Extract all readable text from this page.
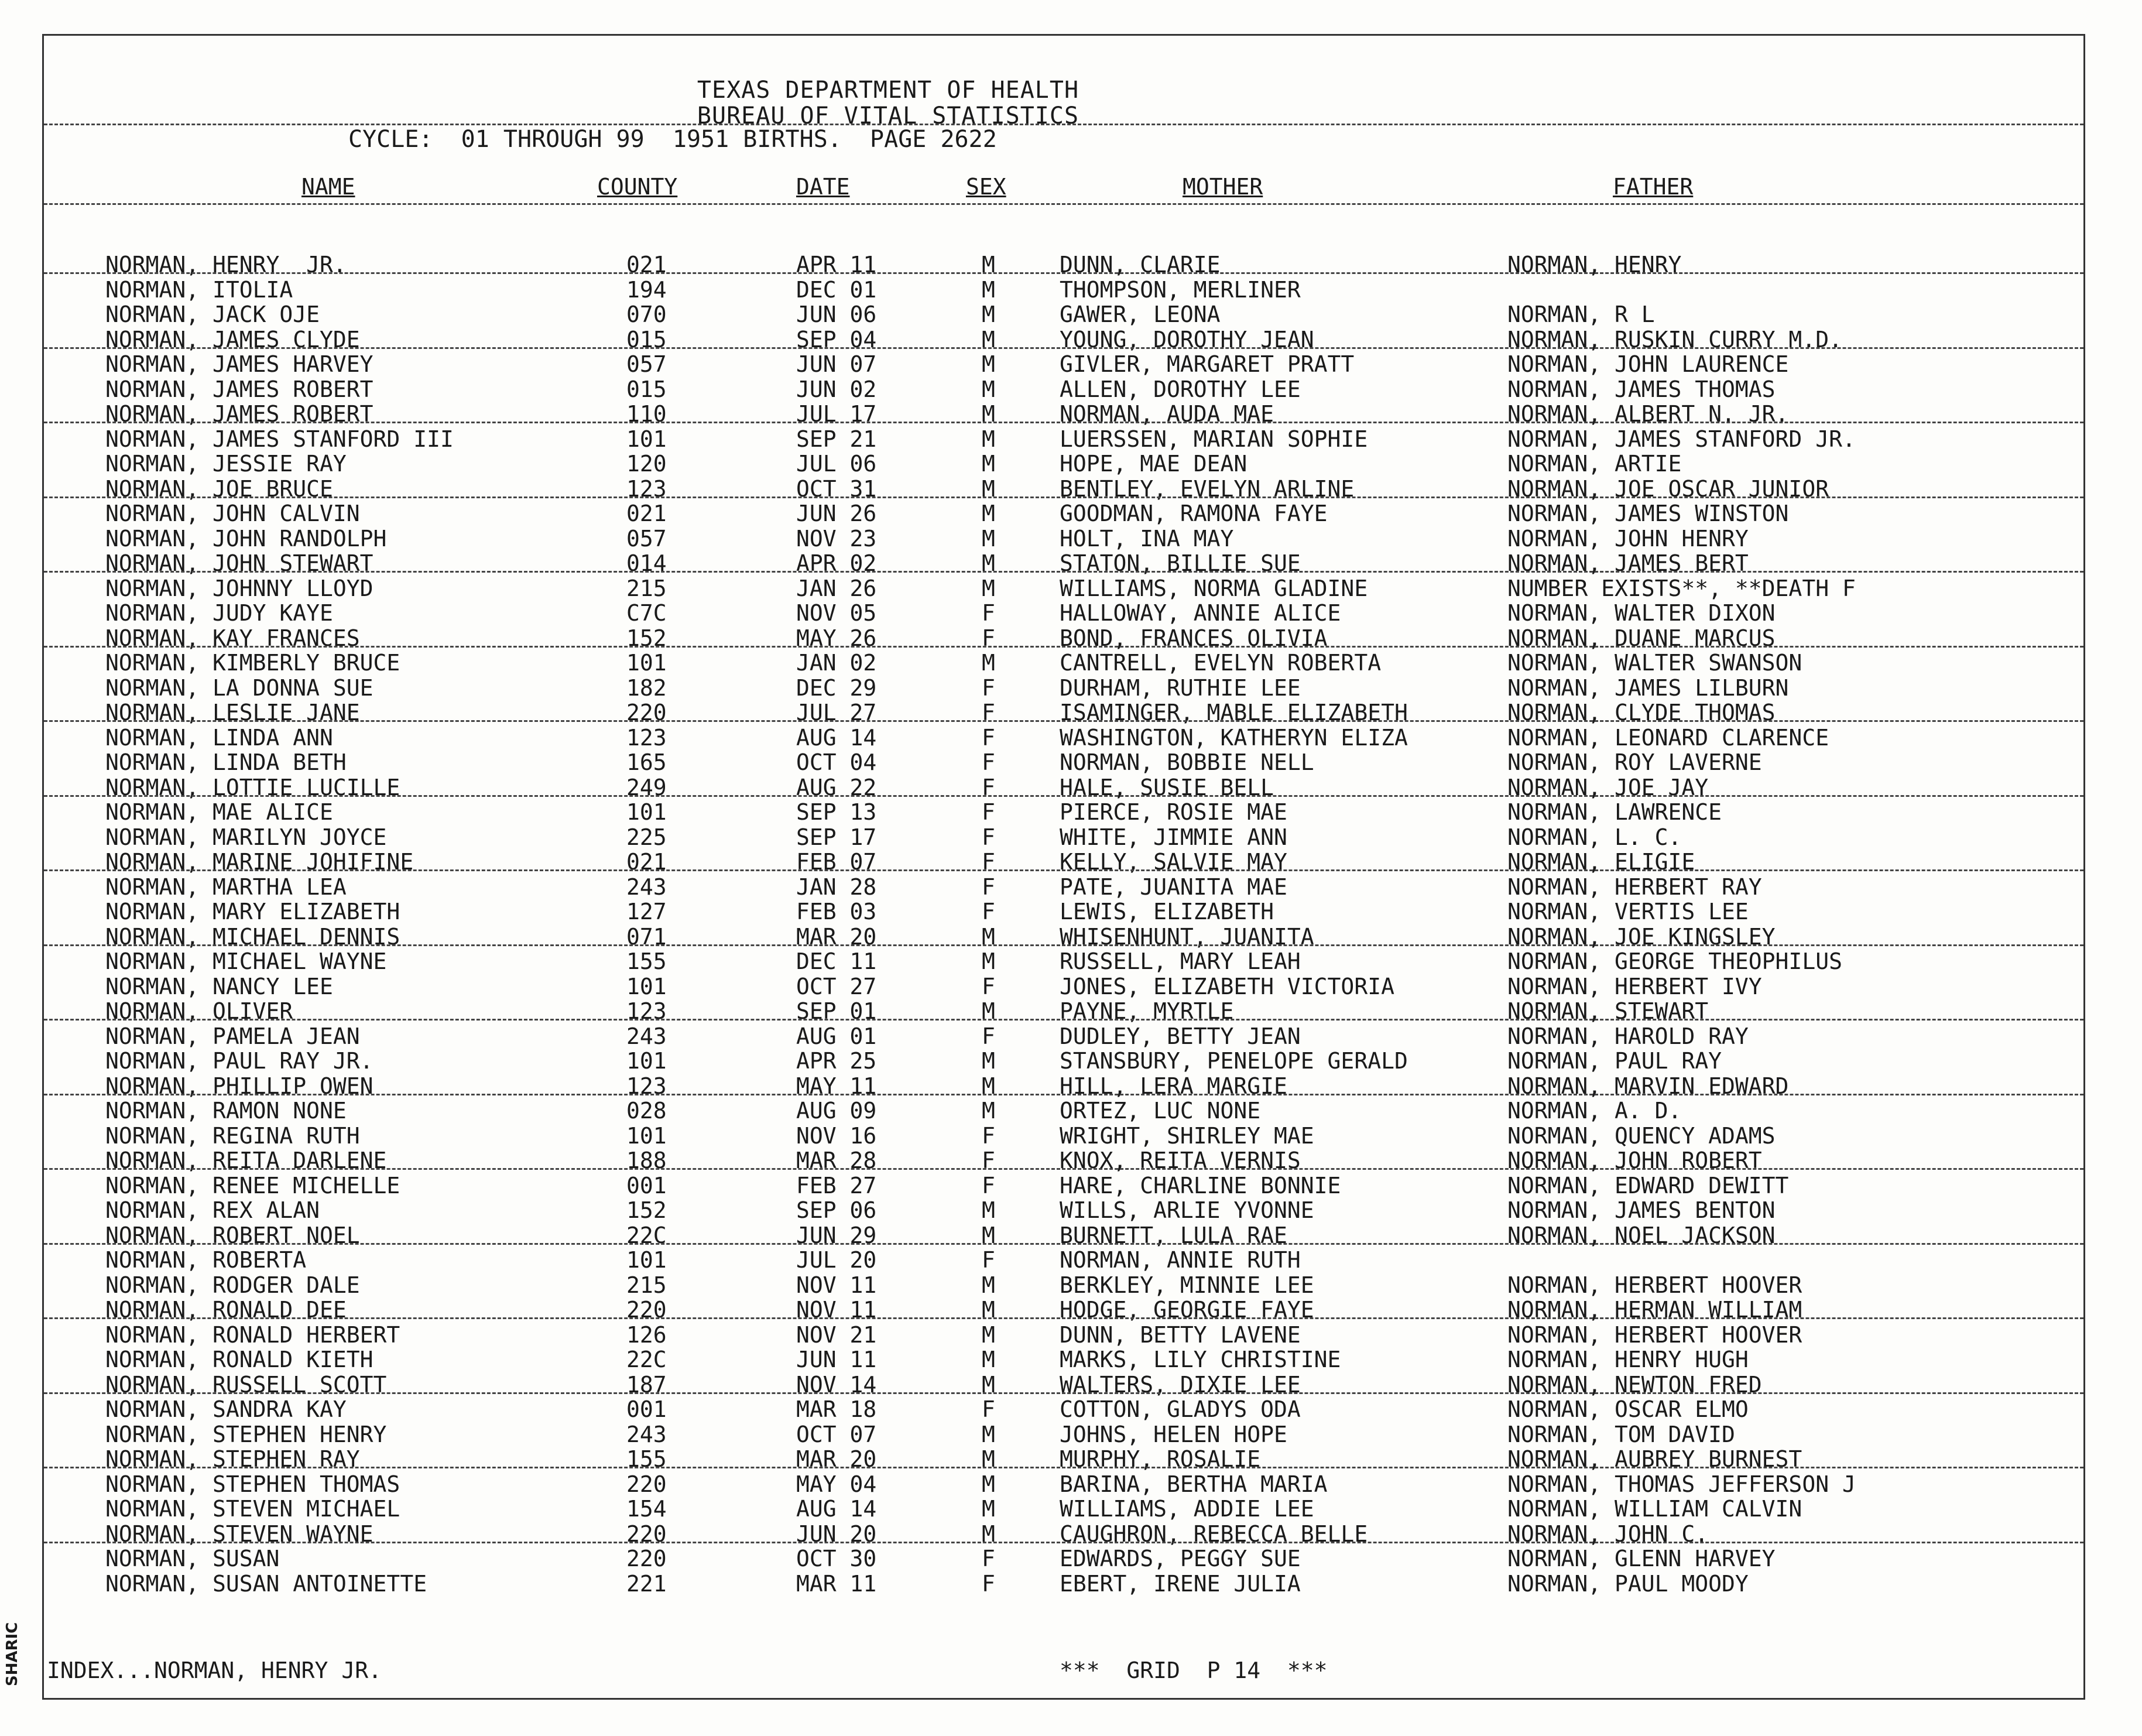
TEXAS DEPARTMENT OF HEALTH
BUREAU OF VITAL STATISTICS
CYCLE:  01 THROUGH 99  1951 BIRTHS.  PAGE 2622
NAME	COUNTY	DATE	SEX	MOTHER	FATHER
NORMAN, HENRY  JR.	021	APR 11	M	DUNN, CLARIE	NORMAN, HENRY
NORMAN, ITOLIA	194	DEC 01	M	THOMPSON, MERLINER
NORMAN, JACK OJE	070	JUN 06	M	GAWER, LEONA	NORMAN, R L
NORMAN, JAMES CLYDE	015	SEP 04	M	YOUNG, DOROTHY JEAN	NORMAN, RUSKIN CURRY M.D.
NORMAN, JAMES HARVEY	057	JUN 07	M	GIVLER, MARGARET PRATT	NORMAN, JOHN LAURENCE
NORMAN, JAMES ROBERT	015	JUN 02	M	ALLEN, DOROTHY LEE	NORMAN, JAMES THOMAS
NORMAN, JAMES ROBERT	110	JUL 17	M	NORMAN, AUDA MAE	NORMAN, ALBERT N. JR.
NORMAN, JAMES STANFORD III	101	SEP 21	M	LUERSSEN, MARIAN SOPHIE	NORMAN, JAMES STANFORD JR.
NORMAN, JESSIE RAY	120	JUL 06	M	HOPE, MAE DEAN	NORMAN, ARTIE
NORMAN, JOE BRUCE	123	OCT 31	M	BENTLEY, EVELYN ARLINE	NORMAN, JOE OSCAR JUNIOR
NORMAN, JOHN CALVIN	021	JUN 26	M	GOODMAN, RAMONA FAYE	NORMAN, JAMES WINSTON
NORMAN, JOHN RANDOLPH	057	NOV 23	M	HOLT, INA MAY	NORMAN, JOHN HENRY
NORMAN, JOHN STEWART	014	APR 02	M	STATON, BILLIE SUE	NORMAN, JAMES BERT
NORMAN, JOHNNY LLOYD	215	JAN 26	M	WILLIAMS, NORMA GLADINE	NUMBER EXISTS**, **DEATH F
NORMAN, JUDY KAYE	C7C	NOV 05	F	HALLOWAY, ANNIE ALICE	NORMAN, WALTER DIXON
NORMAN, KAY FRANCES	152	MAY 26	F	BOND, FRANCES OLIVIA	NORMAN, DUANE MARCUS
NORMAN, KIMBERLY BRUCE	101	JAN 02	M	CANTRELL, EVELYN ROBERTA	NORMAN, WALTER SWANSON
NORMAN, LA DONNA SUE	182	DEC 29	F	DURHAM, RUTHIE LEE	NORMAN, JAMES LILBURN
NORMAN, LESLIE JANE	220	JUL 27	F	ISAMINGER, MABLE ELIZABETH	NORMAN, CLYDE THOMAS
NORMAN, LINDA ANN	123	AUG 14	F	WASHINGTON, KATHERYN ELIZA	NORMAN, LEONARD CLARENCE
NORMAN, LINDA BETH	165	OCT 04	F	NORMAN, BOBBIE NELL	NORMAN, ROY LAVERNE
NORMAN, LOTTIE LUCILLE	249	AUG 22	F	HALE, SUSIE BELL	NORMAN, JOE JAY
NORMAN, MAE ALICE	101	SEP 13	F	PIERCE, ROSIE MAE	NORMAN, LAWRENCE
NORMAN, MARILYN JOYCE	225	SEP 17	F	WHITE, JIMMIE ANN	NORMAN, L. C.
NORMAN, MARINE JOHIFINE	021	FEB 07	F	KELLY, SALVIE MAY	NORMAN, ELIGIE
NORMAN, MARTHA LEA	243	JAN 28	F	PATE, JUANITA MAE	NORMAN, HERBERT RAY
NORMAN, MARY ELIZABETH	127	FEB 03	F	LEWIS, ELIZABETH	NORMAN, VERTIS LEE
NORMAN, MICHAEL DENNIS	071	MAR 20	M	WHISENHUNT, JUANITA	NORMAN, JOE KINGSLEY
NORMAN, MICHAEL WAYNE	155	DEC 11	M	RUSSELL, MARY LEAH	NORMAN, GEORGE THEOPHILUS
NORMAN, NANCY LEE	101	OCT 27	F	JONES, ELIZABETH VICTORIA	NORMAN, HERBERT IVY
NORMAN, OLIVER	123	SEP 01	M	PAYNE, MYRTLE	NORMAN, STEWART
NORMAN, PAMELA JEAN	243	AUG 01	F	DUDLEY, BETTY JEAN	NORMAN, HAROLD RAY
NORMAN, PAUL RAY JR.	101	APR 25	M	STANSBURY, PENELOPE GERALD	NORMAN, PAUL RAY
NORMAN, PHILLIP OWEN	123	MAY 11	M	HILL, LERA MARGIE	NORMAN, MARVIN EDWARD
NORMAN, RAMON NONE	028	AUG 09	M	ORTEZ, LUC NONE	NORMAN, A. D.
NORMAN, REGINA RUTH	101	NOV 16	F	WRIGHT, SHIRLEY MAE	NORMAN, QUENCY ADAMS
NORMAN, REITA DARLENE	188	MAR 28	F	KNOX, REITA VERNIS	NORMAN, JOHN ROBERT
NORMAN, RENEE MICHELLE	001	FEB 27	F	HARE, CHARLINE BONNIE	NORMAN, EDWARD DEWITT
NORMAN, REX ALAN	152	SEP 06	M	WILLS, ARLIE YVONNE	NORMAN, JAMES BENTON
NORMAN, ROBERT NOEL	22C	JUN 29	M	BURNETT, LULA RAE	NORMAN, NOEL JACKSON
NORMAN, ROBERTA	101	JUL 20	F	NORMAN, ANNIE RUTH
NORMAN, RODGER DALE	215	NOV 11	M	BERKLEY, MINNIE LEE	NORMAN, HERBERT HOOVER
NORMAN, RONALD DEE	220	NOV 11	M	HODGE, GEORGIE FAYE	NORMAN, HERMAN WILLIAM
NORMAN, RONALD HERBERT	126	NOV 21	M	DUNN, BETTY LAVENE	NORMAN, HERBERT HOOVER
NORMAN, RONALD KIETH	22C	JUN 11	M	MARKS, LILY CHRISTINE	NORMAN, HENRY HUGH
NORMAN, RUSSELL SCOTT	187	NOV 14	M	WALTERS, DIXIE LEE	NORMAN, NEWTON FRED
NORMAN, SANDRA KAY	001	MAR 18	F	COTTON, GLADYS ODA	NORMAN, OSCAR ELMO
NORMAN, STEPHEN HENRY	243	OCT 07	M	JOHNS, HELEN HOPE	NORMAN, TOM DAVID
NORMAN, STEPHEN RAY	155	MAR 20	M	MURPHY, ROSALIE	NORMAN, AUBREY BURNEST
NORMAN, STEPHEN THOMAS	220	MAY 04	M	BARINA, BERTHA MARIA	NORMAN, THOMAS JEFFERSON J
NORMAN, STEVEN MICHAEL	154	AUG 14	M	WILLIAMS, ADDIE LEE	NORMAN, WILLIAM CALVIN
NORMAN, STEVEN WAYNE	220	JUN 20	M	CAUGHRON, REBECCA BELLE	NORMAN, JOHN C.
NORMAN, SUSAN	220	OCT 30	F	EDWARDS, PEGGY SUE	NORMAN, GLENN HARVEY
NORMAN, SUSAN ANTOINETTE	221	MAR 11	F	EBERT, IRENE JULIA	NORMAN, PAUL MOODY
INDEX...NORMAN, HENRY JR.	***  GRID  P 14  ***
SHARIC
